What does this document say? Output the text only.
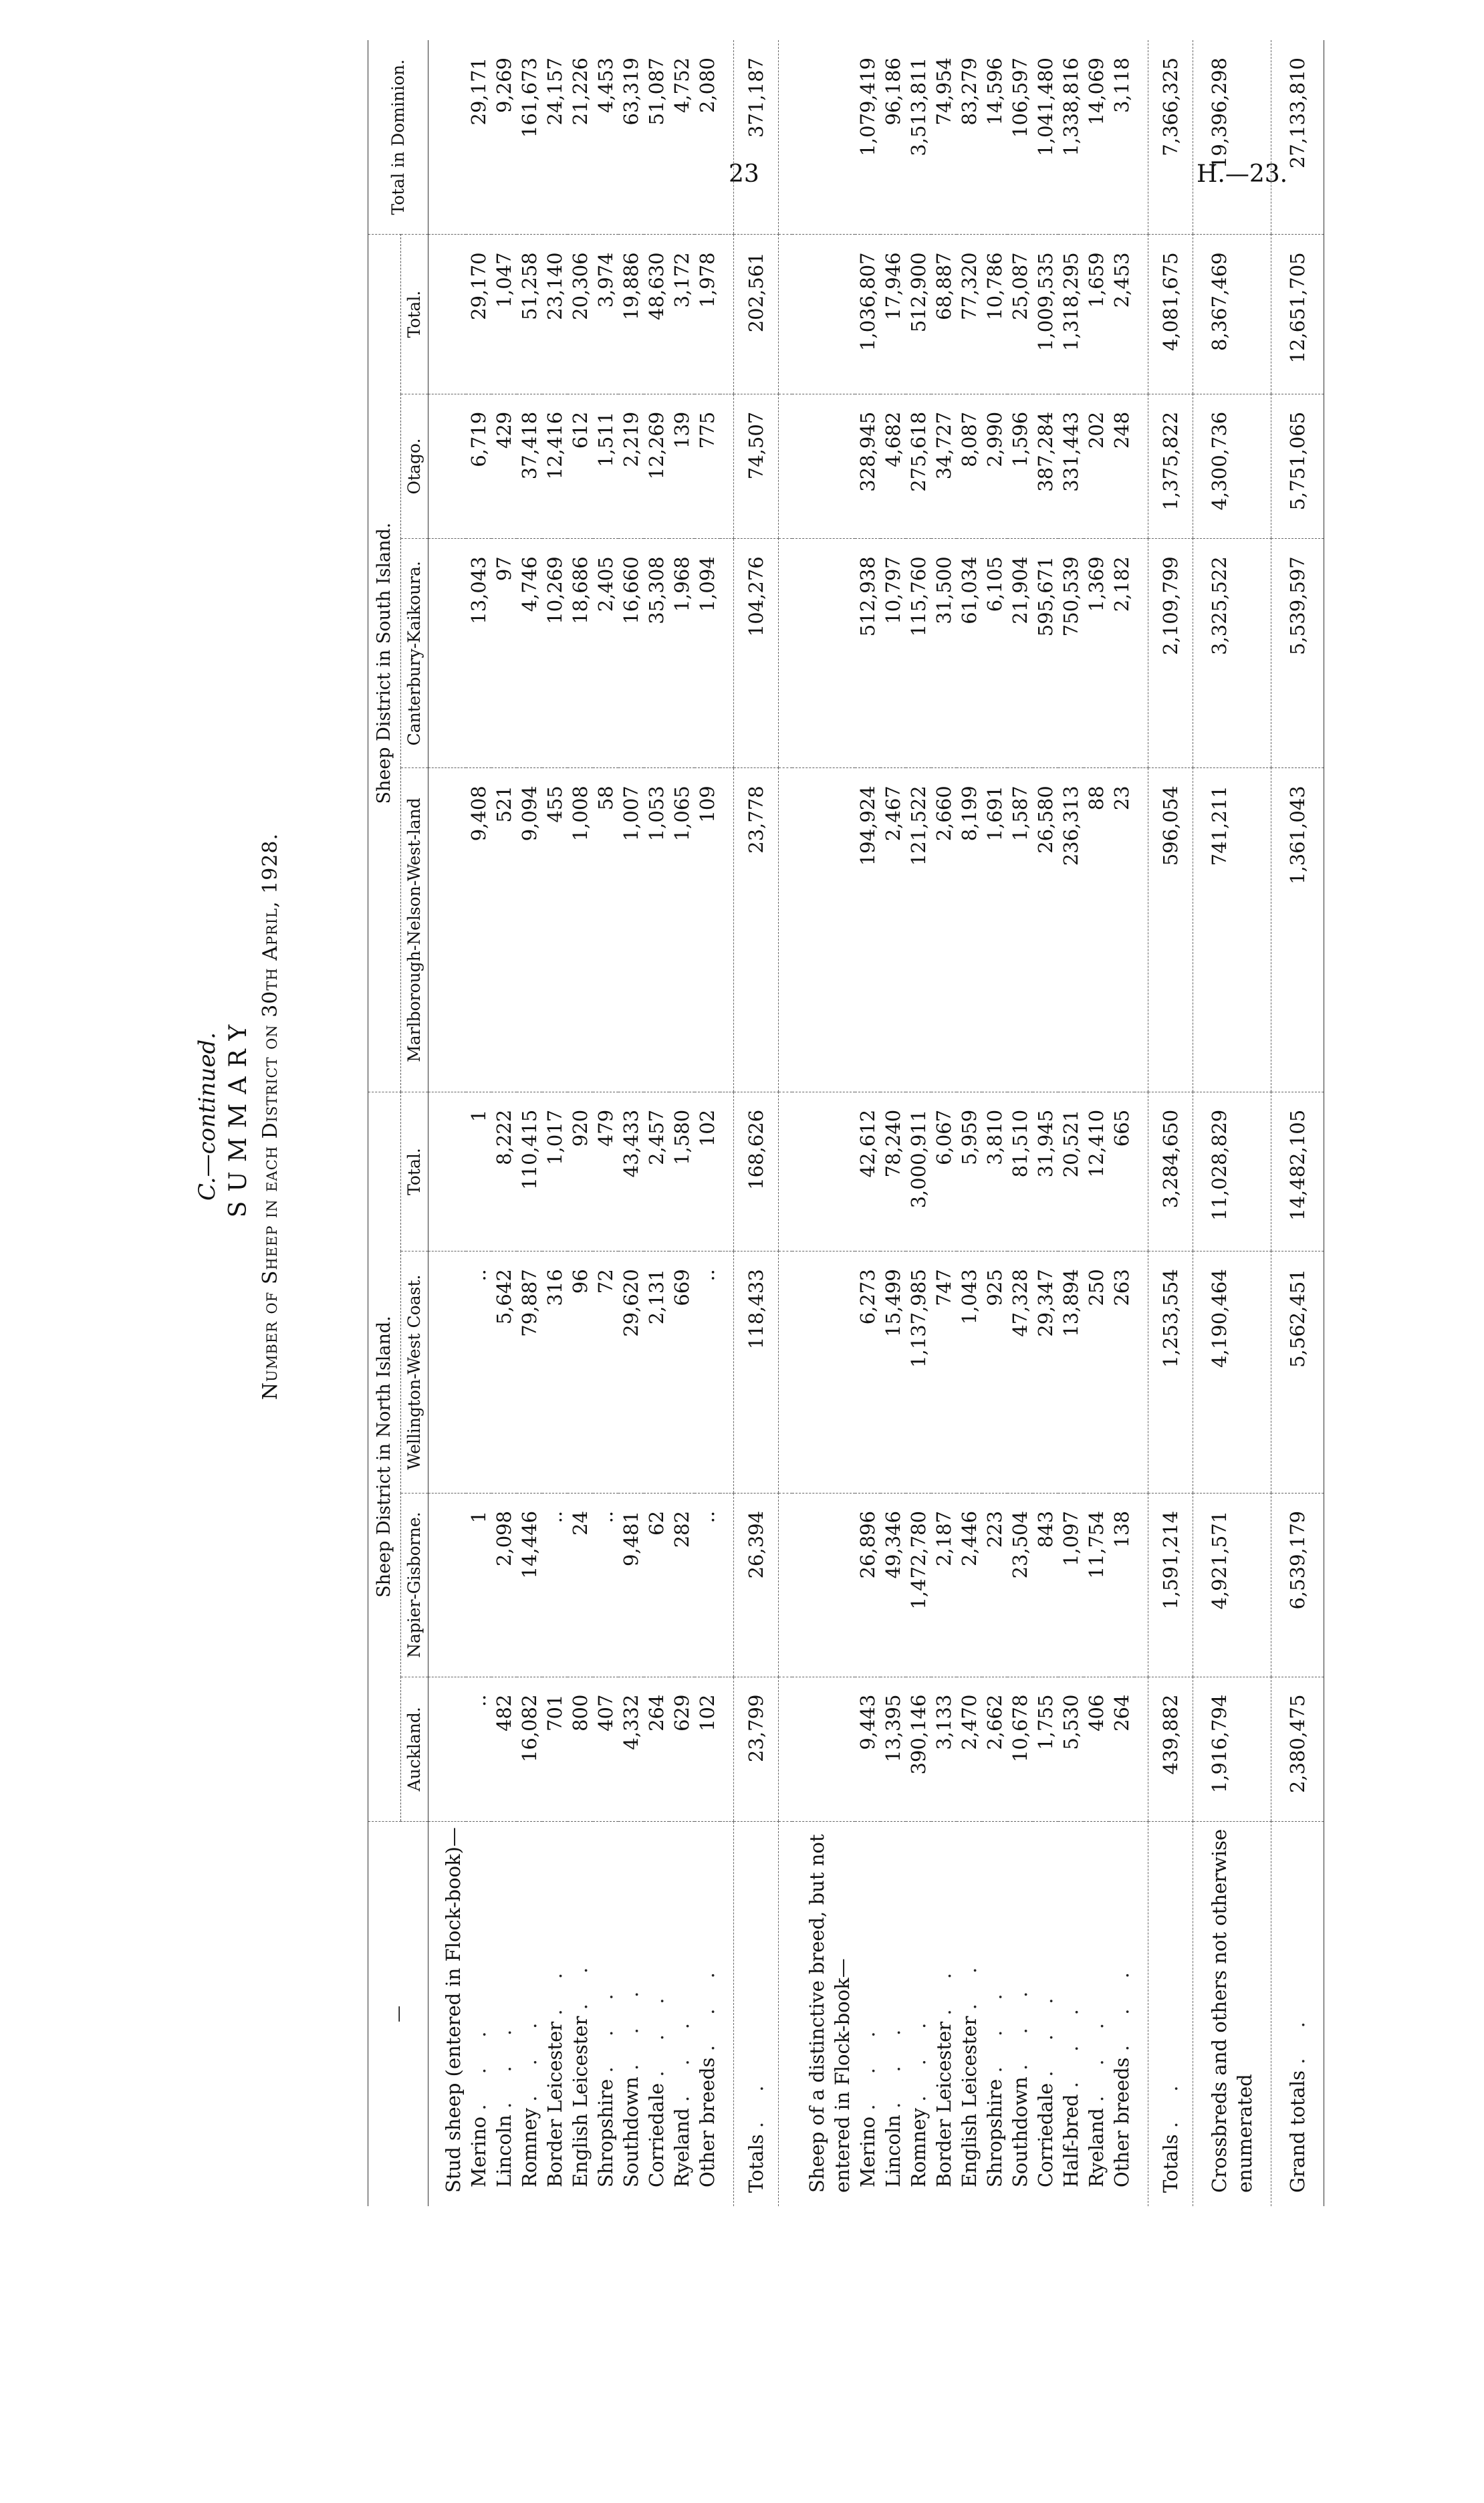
23	H.—23.
C.—continued. SUMMARY Number of Sheep in each District on 30th April, 1928.
—	Sheep District in North Island.				Sheep District in South Island.				Total in Dominion.
	Auckland.	Napier-Gisborne.	Wellington-West Coast.	Total.	Marlborough-Nelson-West-land	Canterbury-Kaikoura.	Otago.	Total.	
Stud sheep (entered in Flock-book)—									
Merino . . .	..	1	..	1	9,408	13,043	6,719	29,170	29,171
Lincoln . . .	482	2,098	5,642	8,222	521	97	429	1,047	9,269
Romney . . .	16,082	14,446	79,887	110,415	9,094	4,746	37,418	51,258	161,673
Border Leicester . .	701	..	316	1,017	455	10,269	12,416	23,140	24,157
English Leicester . .	800	24	96	920	1,008	18,686	612	20,306	21,226
Shropshire . . .	407	..	72	479	58	2,405	1,511	3,974	4,453
Southdown . . .	4,332	9,481	29,620	43,433	1,007	16,660	2,219	19,886	63,319
Corriedale . . .	264	62	2,131	2,457	1,053	35,308	12,269	48,630	51,087
Ryeland . . .	629	282	669	1,580	1,065	1,968	139	3,172	4,752
Other breeds . . .	102	..	..	102	109	1,094	775	1,978	2,080

Totals . .	23,799	26,394	118,433	168,626	23,778	104,276	74,507	202,561	371,187

Sheep of a distinctive breed, but not entered in Flock-book—									
Merino . . .	9,443	26,896	6,273	42,612	194,924	512,938	328,945	1,036,807	1,079,419
Lincoln . . .	13,395	49,346	15,499	78,240	2,467	10,797	4,682	17,946	96,186
Romney . . .	390,146	1,472,780	1,137,985	3,000,911	121,522	115,760	275,618	512,900	3,513,811
Border Leicester . .	3,133	2,187	747	6,067	2,660	31,500	34,727	68,887	74,954
English Leicester . .	2,470	2,446	1,043	5,959	8,199	61,034	8,087	77,320	83,279
Shropshire . . .	2,662	223	925	3,810	1,691	6,105	2,990	10,786	14,596
Southdown . . .	10,678	23,504	47,328	81,510	1,587	21,904	1,596	25,087	106,597
Corriedale . . .	1,755	843	29,347	31,945	26,580	595,671	387,284	1,009,535	1,041,480
Half-bred . . .	5,530	1,097	13,894	20,521	236,313	750,539	331,443	1,318,295	1,338,816
Ryeland . . .	406	11,754	250	12,410	88	1,369	202	1,659	14,069
Other breeds . . .	264	138	263	665	23	2,182	248	2,453	3,118

Totals . .	439,882	1,591,214	1,253,554	3,284,650	596,054	2,109,799	1,375,822	4,081,675	7,366,325
Crossbreds and others not otherwise enumerated	1,916,794	4,921,571	4,190,464	11,028,829	741,211	3,325,522	4,300,736	8,367,469	19,396,298
Grand totals . .	2,380,475	6,539,179	5,562,451	14,482,105	1,361,043	5,539,597	5,751,065	12,651,705	27,133,810
